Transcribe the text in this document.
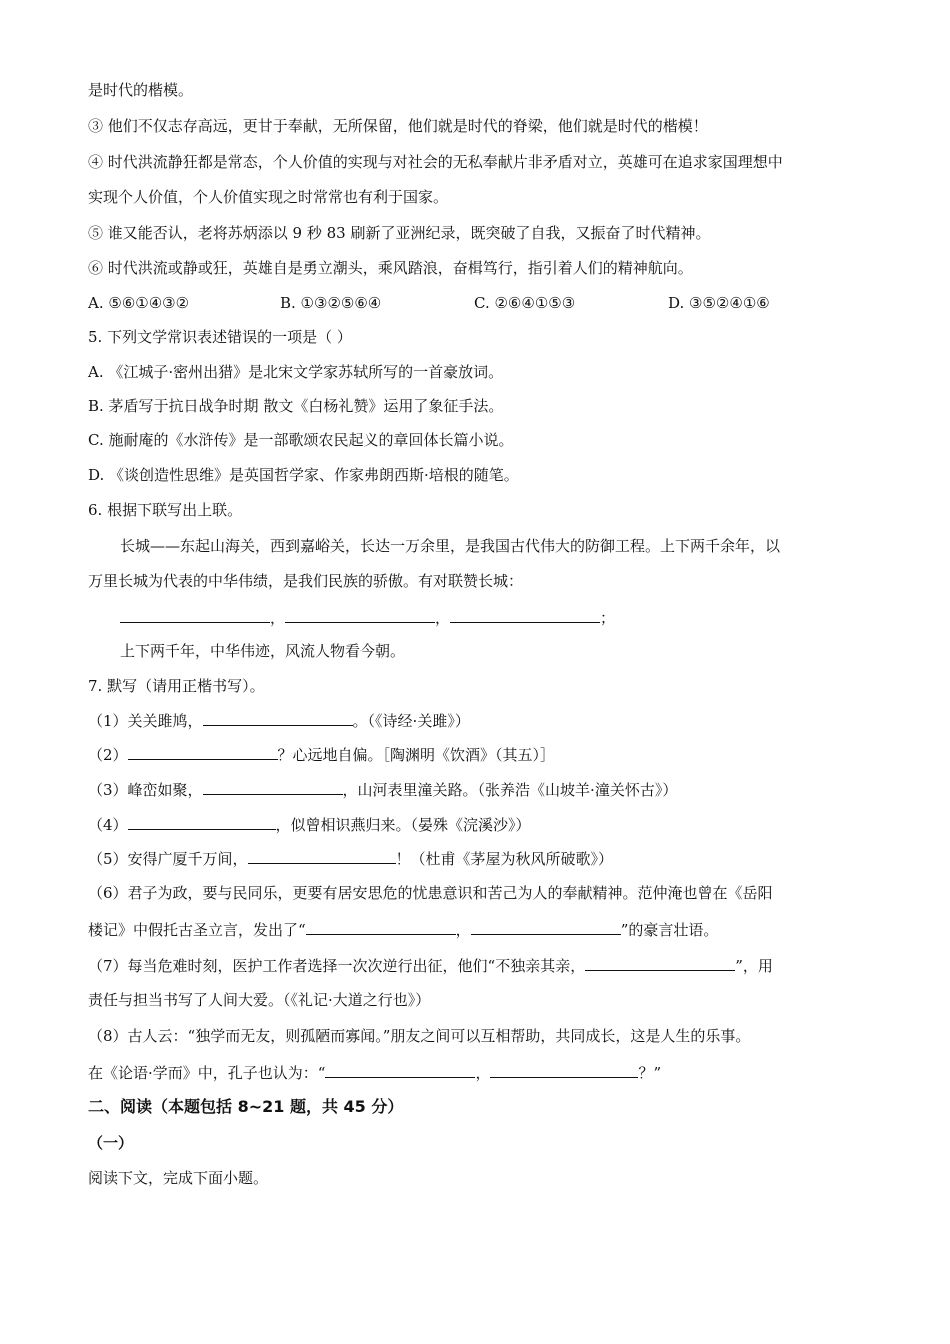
是时代的楷模。
③ 他们不仅志存高远，更甘于奉献，无所保留，他们就是时代的脊梁，他们就是时代的楷模！
④ 时代洪流静狂都是常态，个人价值的实现与对社会的无私奉献片非矛盾对立，英雄可在追求家国理想中
实现个人价值，个人价值实现之时常常也有利于国家。
⑤ 谁又能否认，老将苏炳添以 9 秒 83 刷新了亚洲纪录，既突破了自我，又振奋了时代精神。
⑥ 时代洪流或静或狂，英雄自是勇立潮头，乘风踏浪，奋楫笃行，指引着人们的精神航向。
A. ⑤⑥①④③②	B. ①③②⑤⑥④	C. ②⑥④①⑤③	D. ③⑤②④①⑥
5. 下列文学常识表述错误的一项是（ ）
A. 《江城子·密州出猎》是北宋文学家苏轼所写的一首豪放词。
B. 茅盾写于抗日战争时期 散文《白杨礼赞》运用了象征手法。
C. 施耐庵的《水浒传》是一部歌颂农民起义的章回体长篇小说。
D. 《谈创造性思维》是英国哲学家、作家弗朗西斯·培根的随笔。
6. 根据下联写出上联。
长城——东起山海关，西到嘉峪关，长达一万余里，是我国古代伟大的防御工程。上下两千余年，以
万里长城为代表的中华伟绩，是我们民族的骄傲。有对联赞长城：
，	，	；
上下两千年，中华伟迹，风流人物看今朝。
7. 默写（请用正楷书写）。
（1）关关雎鸠，	。（《诗经·关雎》）
（2）	？心远地自偏。［陶渊明《饮酒》（其五）］
（3）峰峦如聚，	，山河表里潼关路。（张养浩《山坡羊·潼关怀古》）
（4）	，似曾相识燕归来。（晏殊《浣溪沙》）
（5）安得广厦千万间，	！（杜甫《茅屋为秋风所破歌》）
（6）君子为政，要与民同乐，更要有居安思危的忧患意识和苦己为人的奉献精神。范仲淹也曾在《岳阳
楼记》中假托古圣立言，发出了“	，	”的豪言壮语。
（7）每当危难时刻，医护工作者选择一次次逆行出征，他们“不独亲其亲，	”，用
责任与担当书写了人间大爱。（《礼记·大道之行也》）
（8）古人云：“独学而无友，则孤陋而寡闻。”朋友之间可以互相帮助，共同成长，这是人生的乐事。
在《论语·学而》中，孔子也认为：“	，	？”
二、阅读（本题包括 8~21 题，共 45 分）
（一）
阅读下文，完成下面小题。
